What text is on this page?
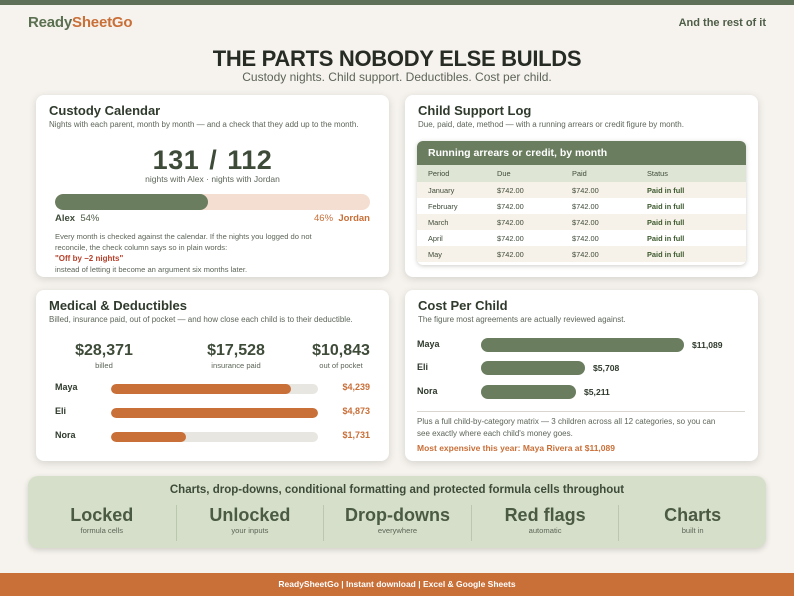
ReadySheetGo	And the rest of it
THE PARTS NOBODY ELSE BUILDS
Custody nights. Child support. Deductibles. Cost per child.
Custody Calendar
Nights with each parent, month by month — and a check that they add up to the month.
131 / 112
nights with Alex · nights with Jordan
Alex 54%	46% Jordan
Every month is checked against the calendar. If the nights you logged do not reconcile, the check column says so in plain words:
"Off by −2 nights"
instead of letting it become an argument six months later.
Child Support Log
Due, paid, date, method — with a running arrears or credit figure by month.
Running arrears or credit, by month
Period	Due	Paid	Status
January	$742.00	$742.00	Paid in full
February	$742.00	$742.00	Paid in full
March	$742.00	$742.00	Paid in full
April	$742.00	$742.00	Paid in full
May	$742.00	$742.00	Paid in full
Medical & Deductibles
Billed, insurance paid, out of pocket — and how close each child is to their deductible.
$28,371
billed
$17,528
insurance paid
$10,843
out of pocket
Maya	$4,239
Eli	$4,873
Nora	$1,731
Cost Per Child
The figure most agreements are actually reviewed against.
Maya	$11,089
Eli	$5,708
Nora	$5,211
Plus a full child-by-category matrix — 3 children across all 12 categories, so you can see exactly where each child's money goes.
Most expensive this year: Maya Rivera at $11,089
Charts, drop-downs, conditional formatting and protected formula cells throughout
Locked
formula cells
Unlocked
your inputs
Drop-downs
everywhere
Red flags
automatic
Charts
built in
ReadySheetGo | Instant download | Excel & Google Sheets
